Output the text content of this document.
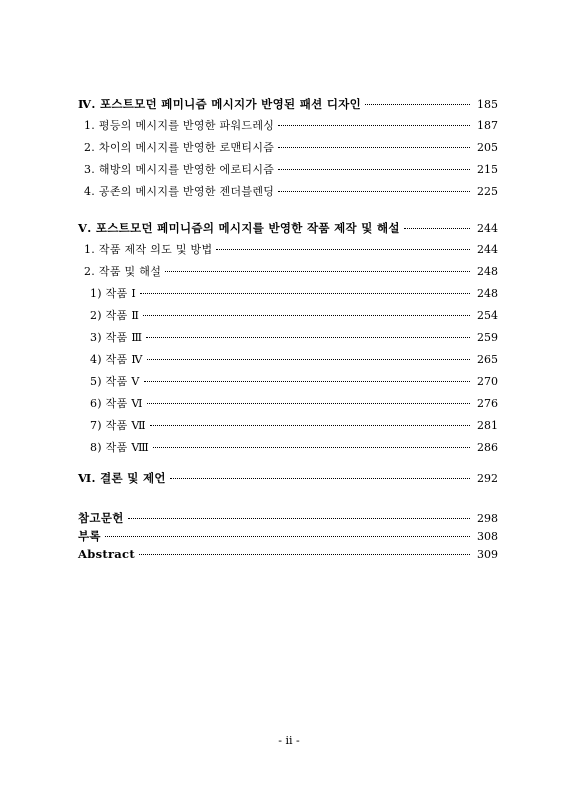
Ⅳ. 포스트모던 페미니즘 메시지가 반영된 패션 디자인	185
1. 평등의 메시지를 반영한 파워드레싱	187
2. 차이의 메시지를 반영한 로맨티시즘	205
3. 해방의 메시지를 반영한 에로티시즘	215
4. 공존의 메시지를 반영한 젠더블렌딩	225
Ⅴ. 포스트모던 페미니즘의 메시지를 반영한 작품 제작 및 해설	244
1. 작품 제작 의도 및 방법	244
2. 작품 및 해설	248
1) 작품 Ⅰ	248
2) 작품 Ⅱ	254
3) 작품 Ⅲ	259
4) 작품 Ⅳ	265
5) 작품 Ⅴ	270
6) 작품 Ⅵ	276
7) 작품 Ⅶ	281
8) 작품 Ⅷ	286
Ⅵ. 결론 및 제언	292
참고문헌	298
부록	308
Abstract	309
- ii -
